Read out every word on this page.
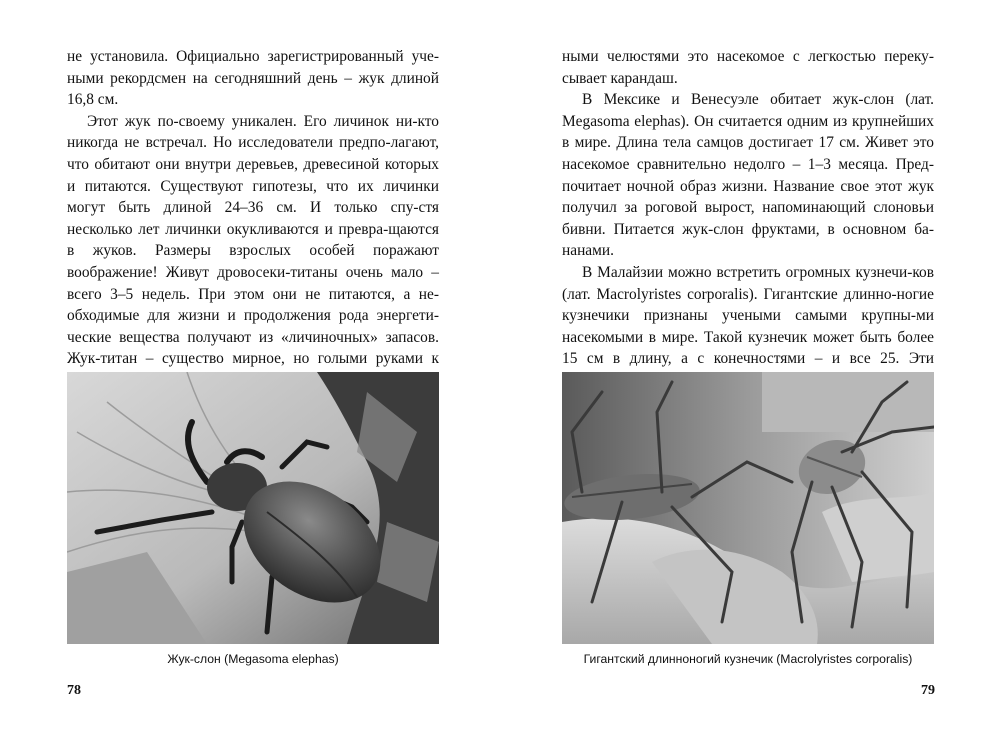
не установила. Официально зарегистрированный уче-ными рекордсмен на сегодняшний день – жук длиной 16,8 см.

Этот жук по-своему уникален. Его личинок ни-кто никогда не встречал. Но исследователи предпо-лагают, что обитают они внутри деревьев, древесиной которых и питаются. Существуют гипотезы, что их личинки могут быть длиной 24–36 см. И только спу-стя несколько лет личинки окукливаются и превра-щаются в жуков. Размеры взрослых особей поражают воображение! Живут дровосеки-титаны очень мало – всего 3–5 недель. При этом они не питаются, а не-обходимые для жизни и продолжения рода энергети-ческие вещества получают из «личиночных» запасов. Жук-титан – существо мирное, но голыми руками к

Жук-слон (Megasoma elephas)
78

ными челюстями это насекомое с легкостью переку-сывает карандаш.

В Мексике и Венесуэле обитает жук-слон (лат. Megasoma elephas). Он считается одним из крупнейших в мире. Длина тела самцов достигает 17 см. Живет это насекомое сравнительно недолго – 1–3 месяца. Пред-почитает ночной образ жизни. Название свое этот жук получил за роговой вырост, напоминающий слоновьи бивни. Питается жук-слон фруктами, в основном ба-нанами.

В Малайзии можно встретить огромных кузнечи-ков (лат. Macrolyristes corporalis). Гигантские длинно-ногие кузнечики признаны учеными самыми крупны-ми насекомыми в мире. Такой кузнечик может быть более 15 см в длину, а с конечностями – и все 25. Эти

Гигантский длинноногий кузнечик (Macrolyristes corporalis)
79
